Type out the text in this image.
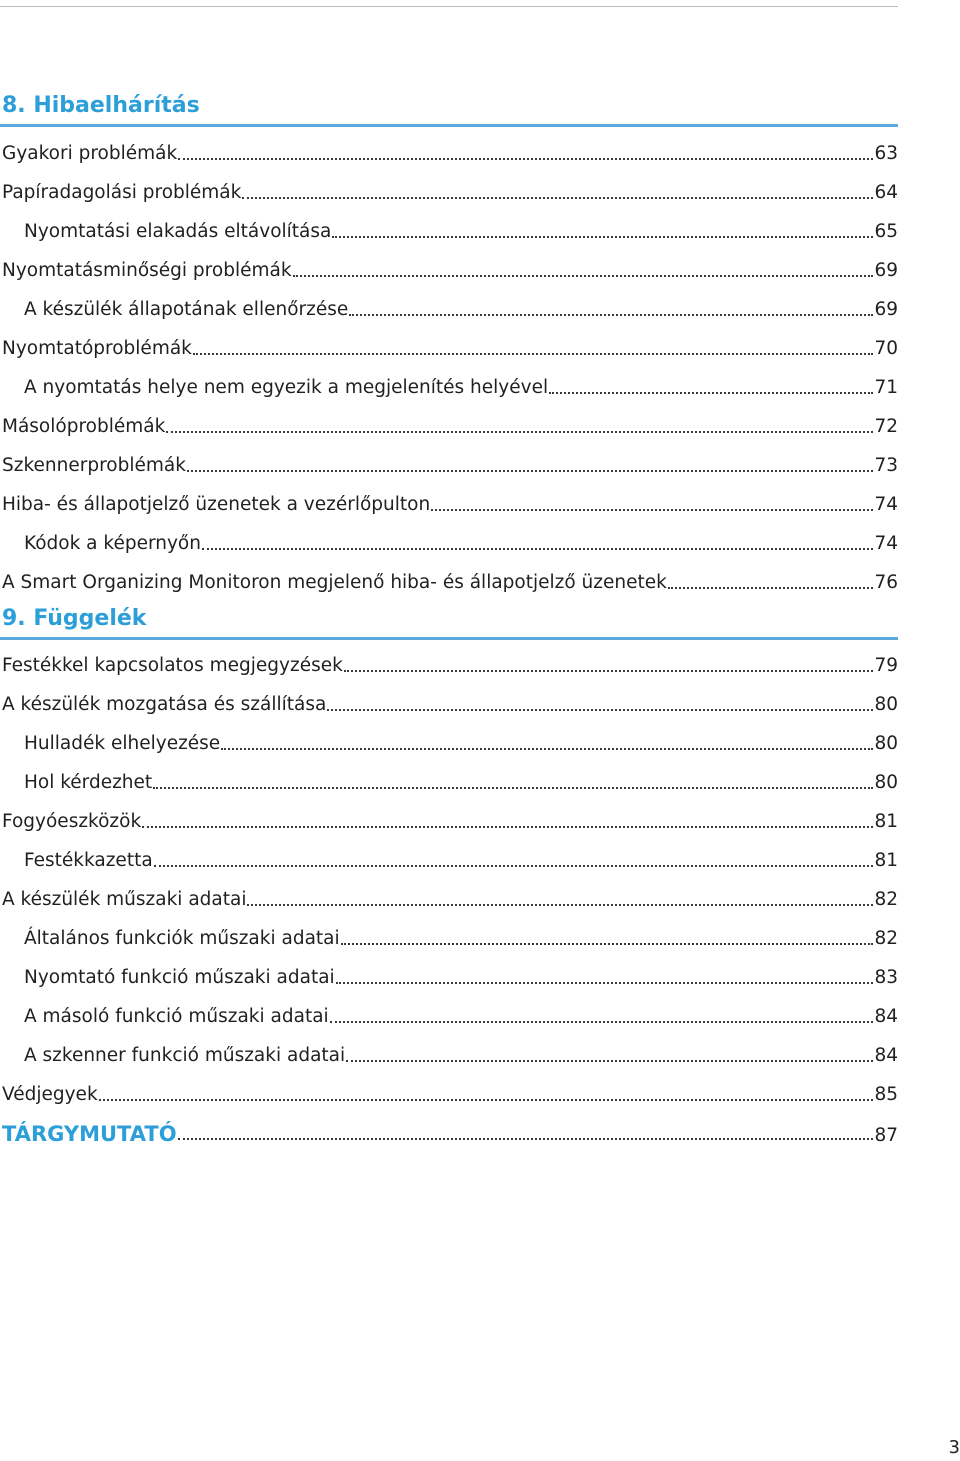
8. Hibaelhárítás
Gyakori problémák	63
Papíradagolási problémák	64
Nyomtatási elakadás eltávolítása	65
Nyomtatásminőségi problémák	69
A készülék állapotának ellenőrzése	69
Nyomtatóproblémák	70
A nyomtatás helye nem egyezik a megjelenítés helyével	71
Másolóproblémák	72
Szkennerproblémák	73
Hiba- és állapotjelző üzenetek a vezérlőpulton	74
Kódok a képernyőn	74
A Smart Organizing Monitoron megjelenő hiba- és állapotjelző üzenetek	76
9. Függelék
Festékkel kapcsolatos megjegyzések	79
A készülék mozgatása és szállítása	80
Hulladék elhelyezése	80
Hol kérdezhet	80
Fogyóeszközök	81
Festékkazetta	81
A készülék műszaki adatai	82
Általános funkciók műszaki adatai	82
Nyomtató funkció műszaki adatai	83
A másoló funkció műszaki adatai	84
A szkenner funkció műszaki adatai	84
Védjegyek	85
TÁRGYMUTATÓ	87
3
